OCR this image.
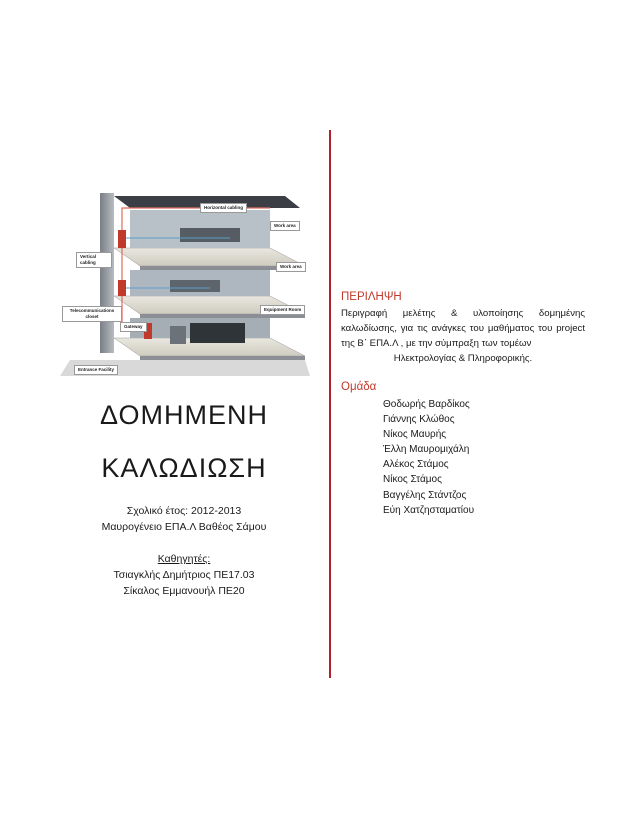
Horizontal cabling
Work area
Vertical cabling
Work area
Equipment Room
Telecommunications closet
Gateway
Entrance Facility
ΔΟΜΗΜΕΝΗ
ΚΑΛΩΔΙΩΣΗ
Σχολικό έτος: 2012-2013
Μαυρογένειο ΕΠΑ.Λ Βαθέος Σάμου
Καθηγητές:
Τσιαγκλής Δημήτριος ΠΕ17.03
Σίκαλος Εμμανουήλ ΠΕ20
ΠΕΡΙΛΗΨΗ
Περιγραφή μελέτης & υλοποίησης δομημένης καλωδίωσης, για τις ανάγκες του μαθήματος του project της Β΄ ΕΠΑ.Λ , με την σύμπραξη των τομέων
Ηλεκτρολογίας & Πληροφορικής.
Ομάδα
Θοδωρής Βαρδίκος
Γιάννης Κλώθος
Νίκος Μαυρής
Έλλη Μαυρομιχάλη
Αλέκος Στάμος
Νίκος Στάμος
Βαγγέλης Στάντζος
Εύη Χατζησταματίου
